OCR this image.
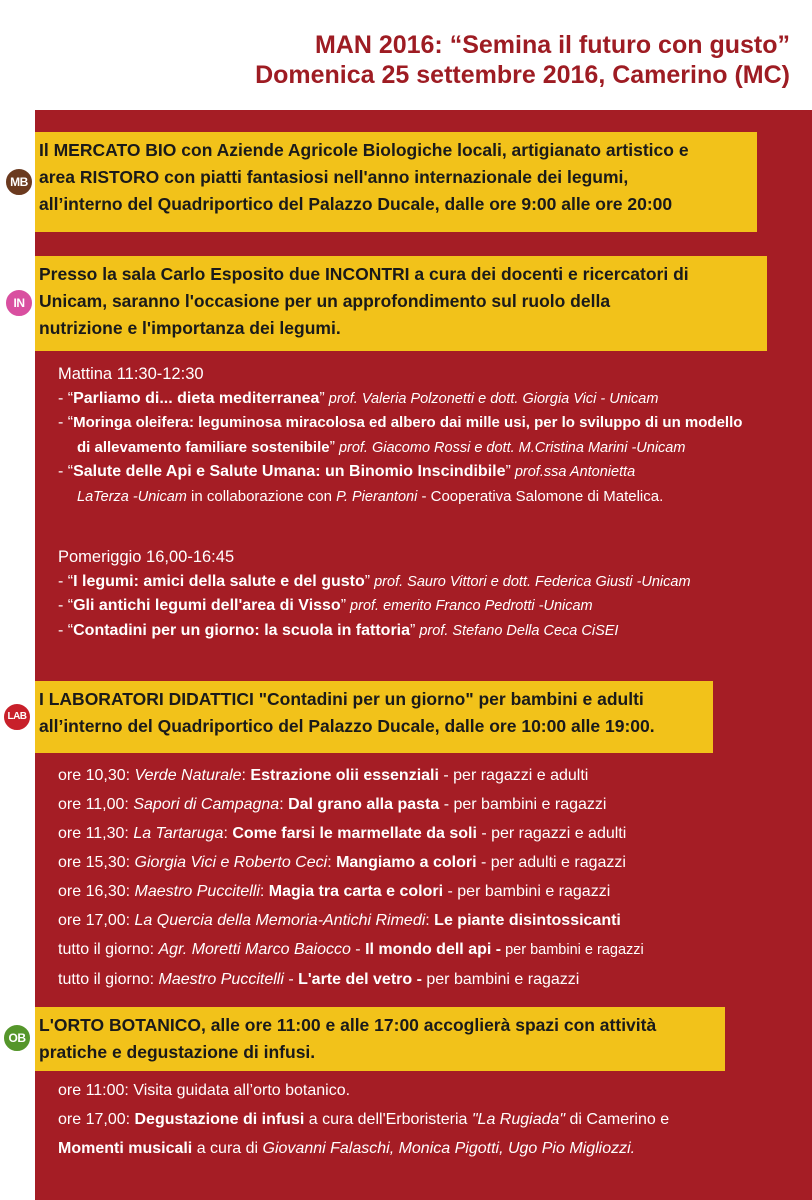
MAN 2016: “Semina il futuro con gusto”
Domenica 25 settembre 2016, Camerino (MC)
Il MERCATO BIO con Aziende Agricole Biologiche locali, artigianato artistico e
area RISTORO con piatti fantasiosi nell'anno internazionale dei legumi,
all’interno del Quadriportico del Palazzo Ducale, dalle ore 9:00 alle ore 20:00
MB
Presso la sala Carlo Esposito due INCONTRI a cura dei docenti e ricercatori di
Unicam, saranno l'occasione per un approfondimento sul ruolo della
nutrizione e l'importanza dei legumi.
IN
Mattina 11:30-12:30
- “Parliamo di... dieta mediterranea” prof. Valeria Polzonetti e dott. Giorgia Vici - Unicam
- “Moringa oleifera: leguminosa miracolosa ed albero dai mille usi, per lo sviluppo di un modello
di allevamento familiare sostenibile” prof. Giacomo Rossi e dott. M.Cristina Marini -Unicam
- “Salute delle Api e Salute Umana: un Binomio Inscindibile” prof.ssa Antonietta
LaTerza -Unicam in collaborazione con P. Pierantoni - Cooperativa Salomone di Matelica.
Pomeriggio 16,00-16:45
- “I legumi: amici della salute e del gusto” prof. Sauro Vittori e dott. Federica Giusti -Unicam
- “Gli antichi legumi dell'area di Visso” prof. emerito Franco Pedrotti -Unicam
- “Contadini per un giorno: la scuola in fattoria” prof. Stefano Della Ceca CiSEI
I LABORATORI DIDATTICI "Contadini per un giorno" per bambini e adulti
all’interno del Quadriportico del Palazzo Ducale, dalle ore 10:00 alle 19:00.
LAB
ore 10,30: Verde Naturale: Estrazione olii essenziali - per ragazzi e adulti
ore 11,00: Sapori di Campagna: Dal grano alla pasta - per bambini e ragazzi
ore 11,30: La Tartaruga: Come farsi le marmellate da soli - per ragazzi e adulti
ore 15,30: Giorgia Vici e Roberto Ceci: Mangiamo a colori - per adulti e ragazzi
ore 16,30: Maestro Puccitelli: Magia tra carta e colori - per bambini e ragazzi
ore 17,00: La Quercia della Memoria-Antichi Rimedi: Le piante disintossicanti
tutto il giorno: Agr. Moretti Marco Baiocco - Il mondo dell api - per bambini e ragazzi
tutto il giorno: Maestro Puccitelli - L'arte del vetro - per bambini e ragazzi
L'ORTO BOTANICO, alle ore 11:00 e alle 17:00 accoglierà spazi con attività
pratiche e degustazione di infusi.
OB
ore 11:00: Visita guidata all’orto botanico.
ore 17,00: Degustazione di infusi a cura dell'Erboristeria "La Rugiada" di Camerino e
Momenti musicali a cura di Giovanni Falaschi, Monica Pigotti, Ugo Pio Migliozzi.
